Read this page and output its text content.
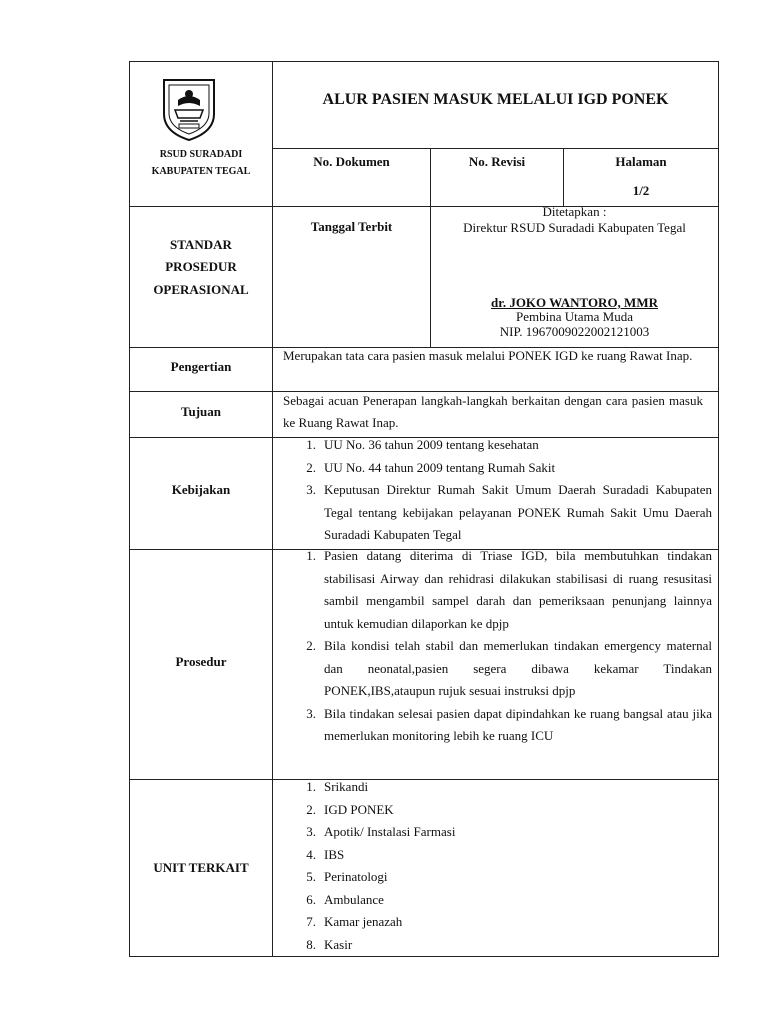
RSUD SURADADI
KABUPATEN TEGAL
ALUR PASIEN MASUK MELALUI IGD PONEK
No. Dokumen	No. Revisi	Halaman
1/2
STANDAR
PROSEDUR
OPERASIONAL
Tanggal Terbit
Ditetapkan :
Direktur RSUD Suradadi Kabupaten Tegal
dr. JOKO WANTORO, MMR
Pembina Utama Muda
NIP. 1967009022002121003
Pengertian
Merupakan tata cara pasien masuk melalui PONEK IGD ke ruang Rawat Inap.
Tujuan
Sebagai acuan Penerapan langkah-langkah berkaitan dengan cara pasien masuk ke Ruang Rawat Inap.
Kebijakan
1. UU No. 36 tahun 2009 tentang kesehatan
2. UU No. 44 tahun 2009 tentang Rumah Sakit
3. Keputusan Direktur Rumah Sakit Umum Daerah Suradadi Kabupaten Tegal tentang kebijakan pelayanan PONEK Rumah Sakit Umu Daerah Suradadi Kabupaten Tegal
Prosedur
1. Pasien datang diterima di Triase IGD, bila membutuhkan tindakan stabilisasi Airway dan rehidrasi dilakukan stabilisasi di ruang resusitasi sambil mengambil sampel darah dan pemeriksaan penunjang lainnya untuk kemudian dilaporkan ke dpjp
2. Bila kondisi telah stabil dan memerlukan tindakan emergency maternal dan neonatal,pasien segera dibawa kekamar Tindakan PONEK,IBS,ataupun rujuk sesuai instruksi dpjp
3. Bila tindakan selesai pasien dapat dipindahkan ke ruang bangsal atau jika memerlukan monitoring lebih ke ruang ICU
UNIT TERKAIT
1. Srikandi
2. IGD PONEK
3. Apotik/ Instalasi Farmasi
4. IBS
5. Perinatologi
6. Ambulance
7. Kamar jenazah
8. Kasir
